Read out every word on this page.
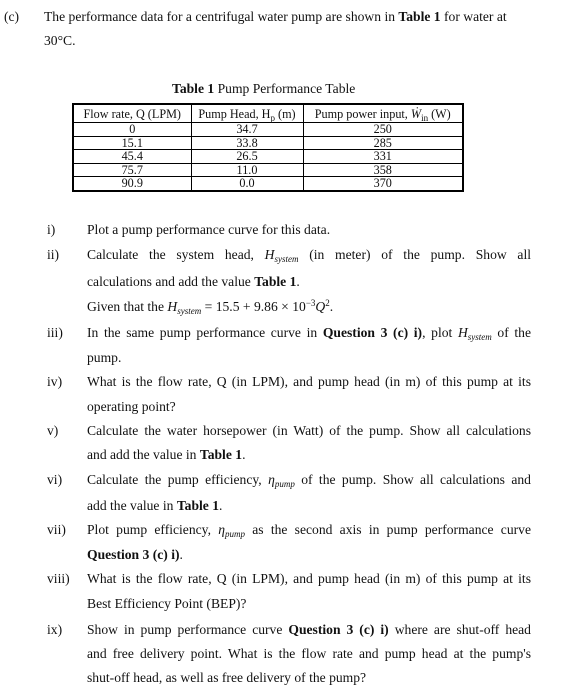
(c) The performance data for a centrifugal water pump are shown in Table 1 for water at
30°C.
Table 1 Pump Performance Table
Flow rate, Q (LPM)	Pump Head, $H_p$ (m)	Pump power input, Ẇ$_{in}$ (W)
0	34.7	250
15.1	33.8	285
45.4	26.5	331
75.7	11.0	358
90.9	0.0	370
i)
ii)
iii)
iv)
v)
vi)
vii)
viii)
ix)
Plot a pump performance curve for this data.
Calculate the system head, $H_{system}$ (in meter) of the pump. Show all
calculations and add the value Table 1.
Given that the $H_{system} = 15.5 + 9.86 \times 10^{-3}Q^2$.
In the same pump performance curve in Question 3 (c) i), plot $H_{system}$ of the
pump.
What is the flow rate, Q (in LPM), and pump head (in m) of this pump at its
operating point?
Calculate the water horsepower (in Watt) of the pump. Show all calculations
and add the value in Table 1.
Calculate the pump efficiency, $\eta_{pump}$ of the pump. Show all calculations and
add the value in Table 1.
Plot pump efficiency, $\eta_{pump}$ as the second axis in pump performance curve
Question 3 (c) i).
What is the flow rate, Q (in LPM), and pump head (in m) of this pump at its
Best Efficiency Point (BEP)?
Show in pump performance curve Question 3 (c) i) where are shut-off head
and free delivery point. What is the flow rate and pump head at the pump's
shut-off head, as well as free delivery of the pump?
